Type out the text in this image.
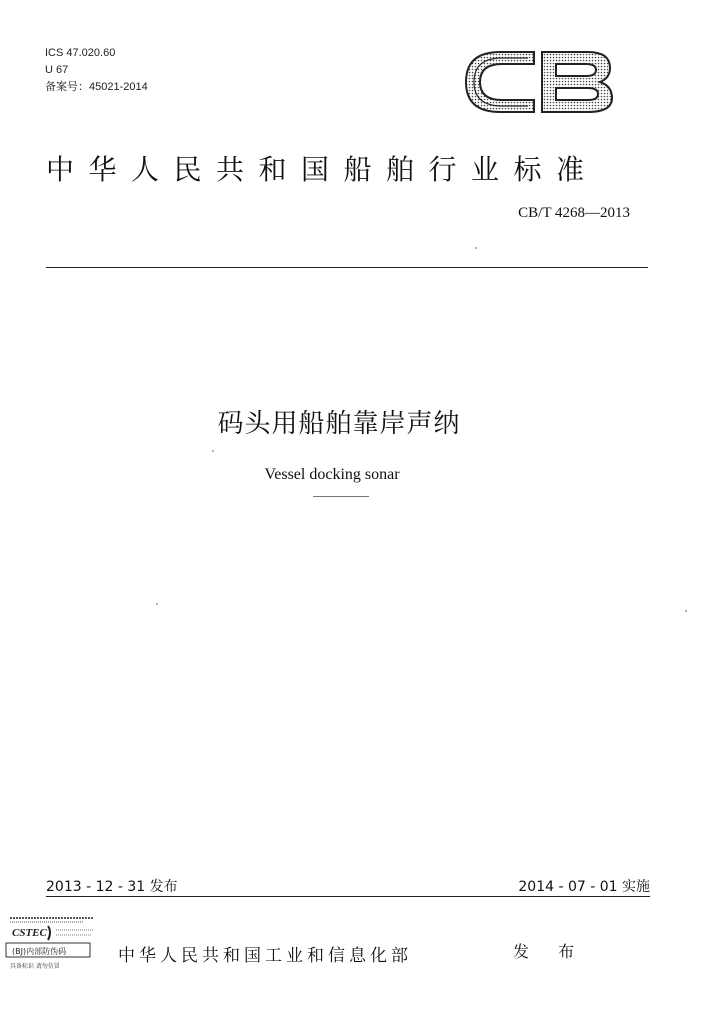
ICS 47.020.60
U 67
备案号：45021-2014
中华人民共和国船舶行业标准
CB/T 4268—2013
码头用船舶靠岸声纳
Vessel docking sonar
2013 - 12 - 31 发布	2014 - 07 - 01 实施
CSTEC
(BJ)内部防伪码
具备标识 请勿仿冒
中华人民共和国工业和信息化部	发 布
